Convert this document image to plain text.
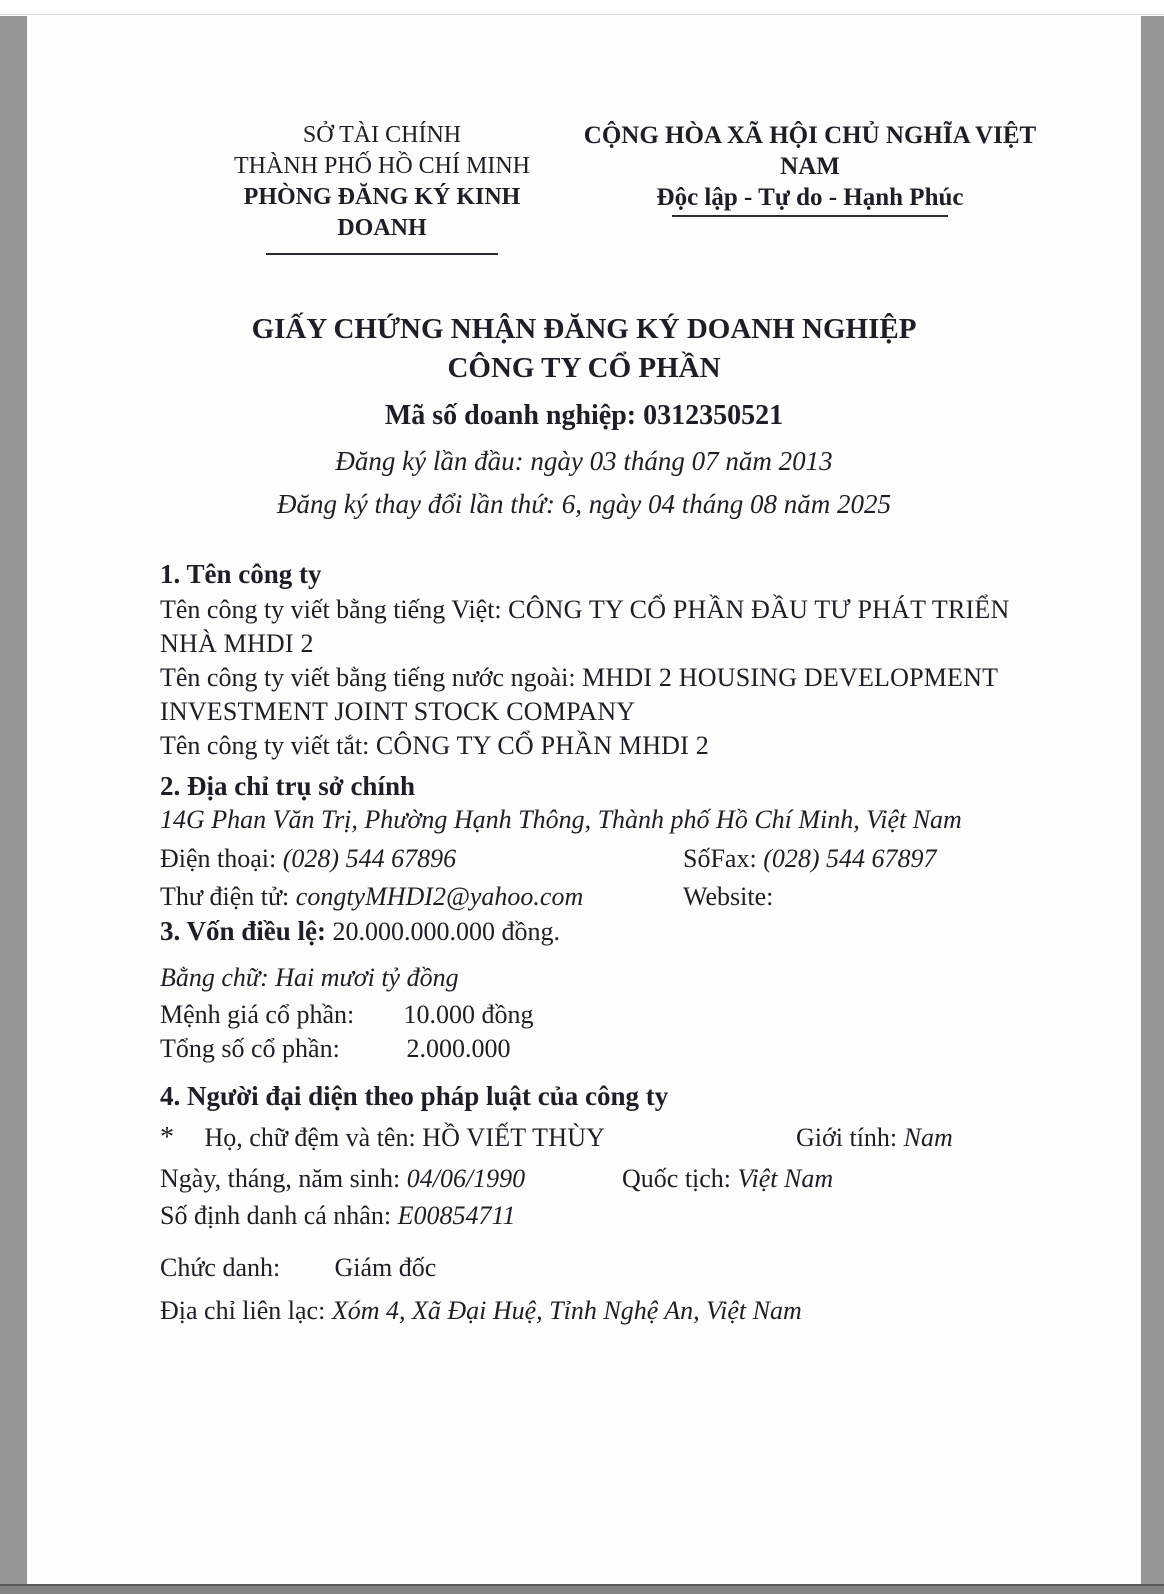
SỞ TÀI CHÍNH
THÀNH PHỐ HỒ CHÍ MINH
PHÒNG ĐĂNG KÝ KINH DOANH
CỘNG HÒA XÃ HỘI CHỦ NGHĨA VIỆT NAM
Độc lập - Tự do - Hạnh Phúc
GIẤY CHỨNG NHẬN ĐĂNG KÝ DOANH NGHIỆP
CÔNG TY CỔ PHẦN
Mã số doanh nghiệp: 0312350521
Đăng ký lần đầu: ngày 03 tháng 07 năm 2013
Đăng ký thay đổi lần thứ: 6, ngày 04 tháng 08 năm 2025
1. Tên công ty
Tên công ty viết bằng tiếng Việt: CÔNG TY CỔ PHẦN ĐẦU TƯ PHÁT TRIỂN NHÀ MHDI 2
Tên công ty viết bằng tiếng nước ngoài: MHDI 2 HOUSING DEVELOPMENT INVESTMENT JOINT STOCK COMPANY
Tên công ty viết tắt: CÔNG TY CỔ PHẦN MHDI 2
2. Địa chỉ trụ sở chính
14G Phan Văn Trị, Phường Hạnh Thông, Thành phố Hồ Chí Minh, Việt Nam
Điện thoại: (028) 544 67896	SốFax: (028) 544 67897
Thư điện tử: congtyMHDI2@yahoo.com	Website:
3. Vốn điều lệ: 20.000.000.000 đồng.
Bằng chữ: Hai mươi tỷ đồng
Mệnh giá cổ phần: 10.000 đồng
Tổng số cổ phần:	2.000.000
4. Người đại diện theo pháp luật của công ty
* Họ, chữ đệm và tên: HỒ VIẾT THÙY	Giới tính: Nam
Ngày, tháng, năm sinh: 04/06/1990	Quốc tịch: Việt Nam
Số định danh cá nhân: E00854711
Chức danh: Giám đốc
Địa chỉ liên lạc: Xóm 4, Xã Đại Huệ, Tỉnh Nghệ An, Việt Nam
